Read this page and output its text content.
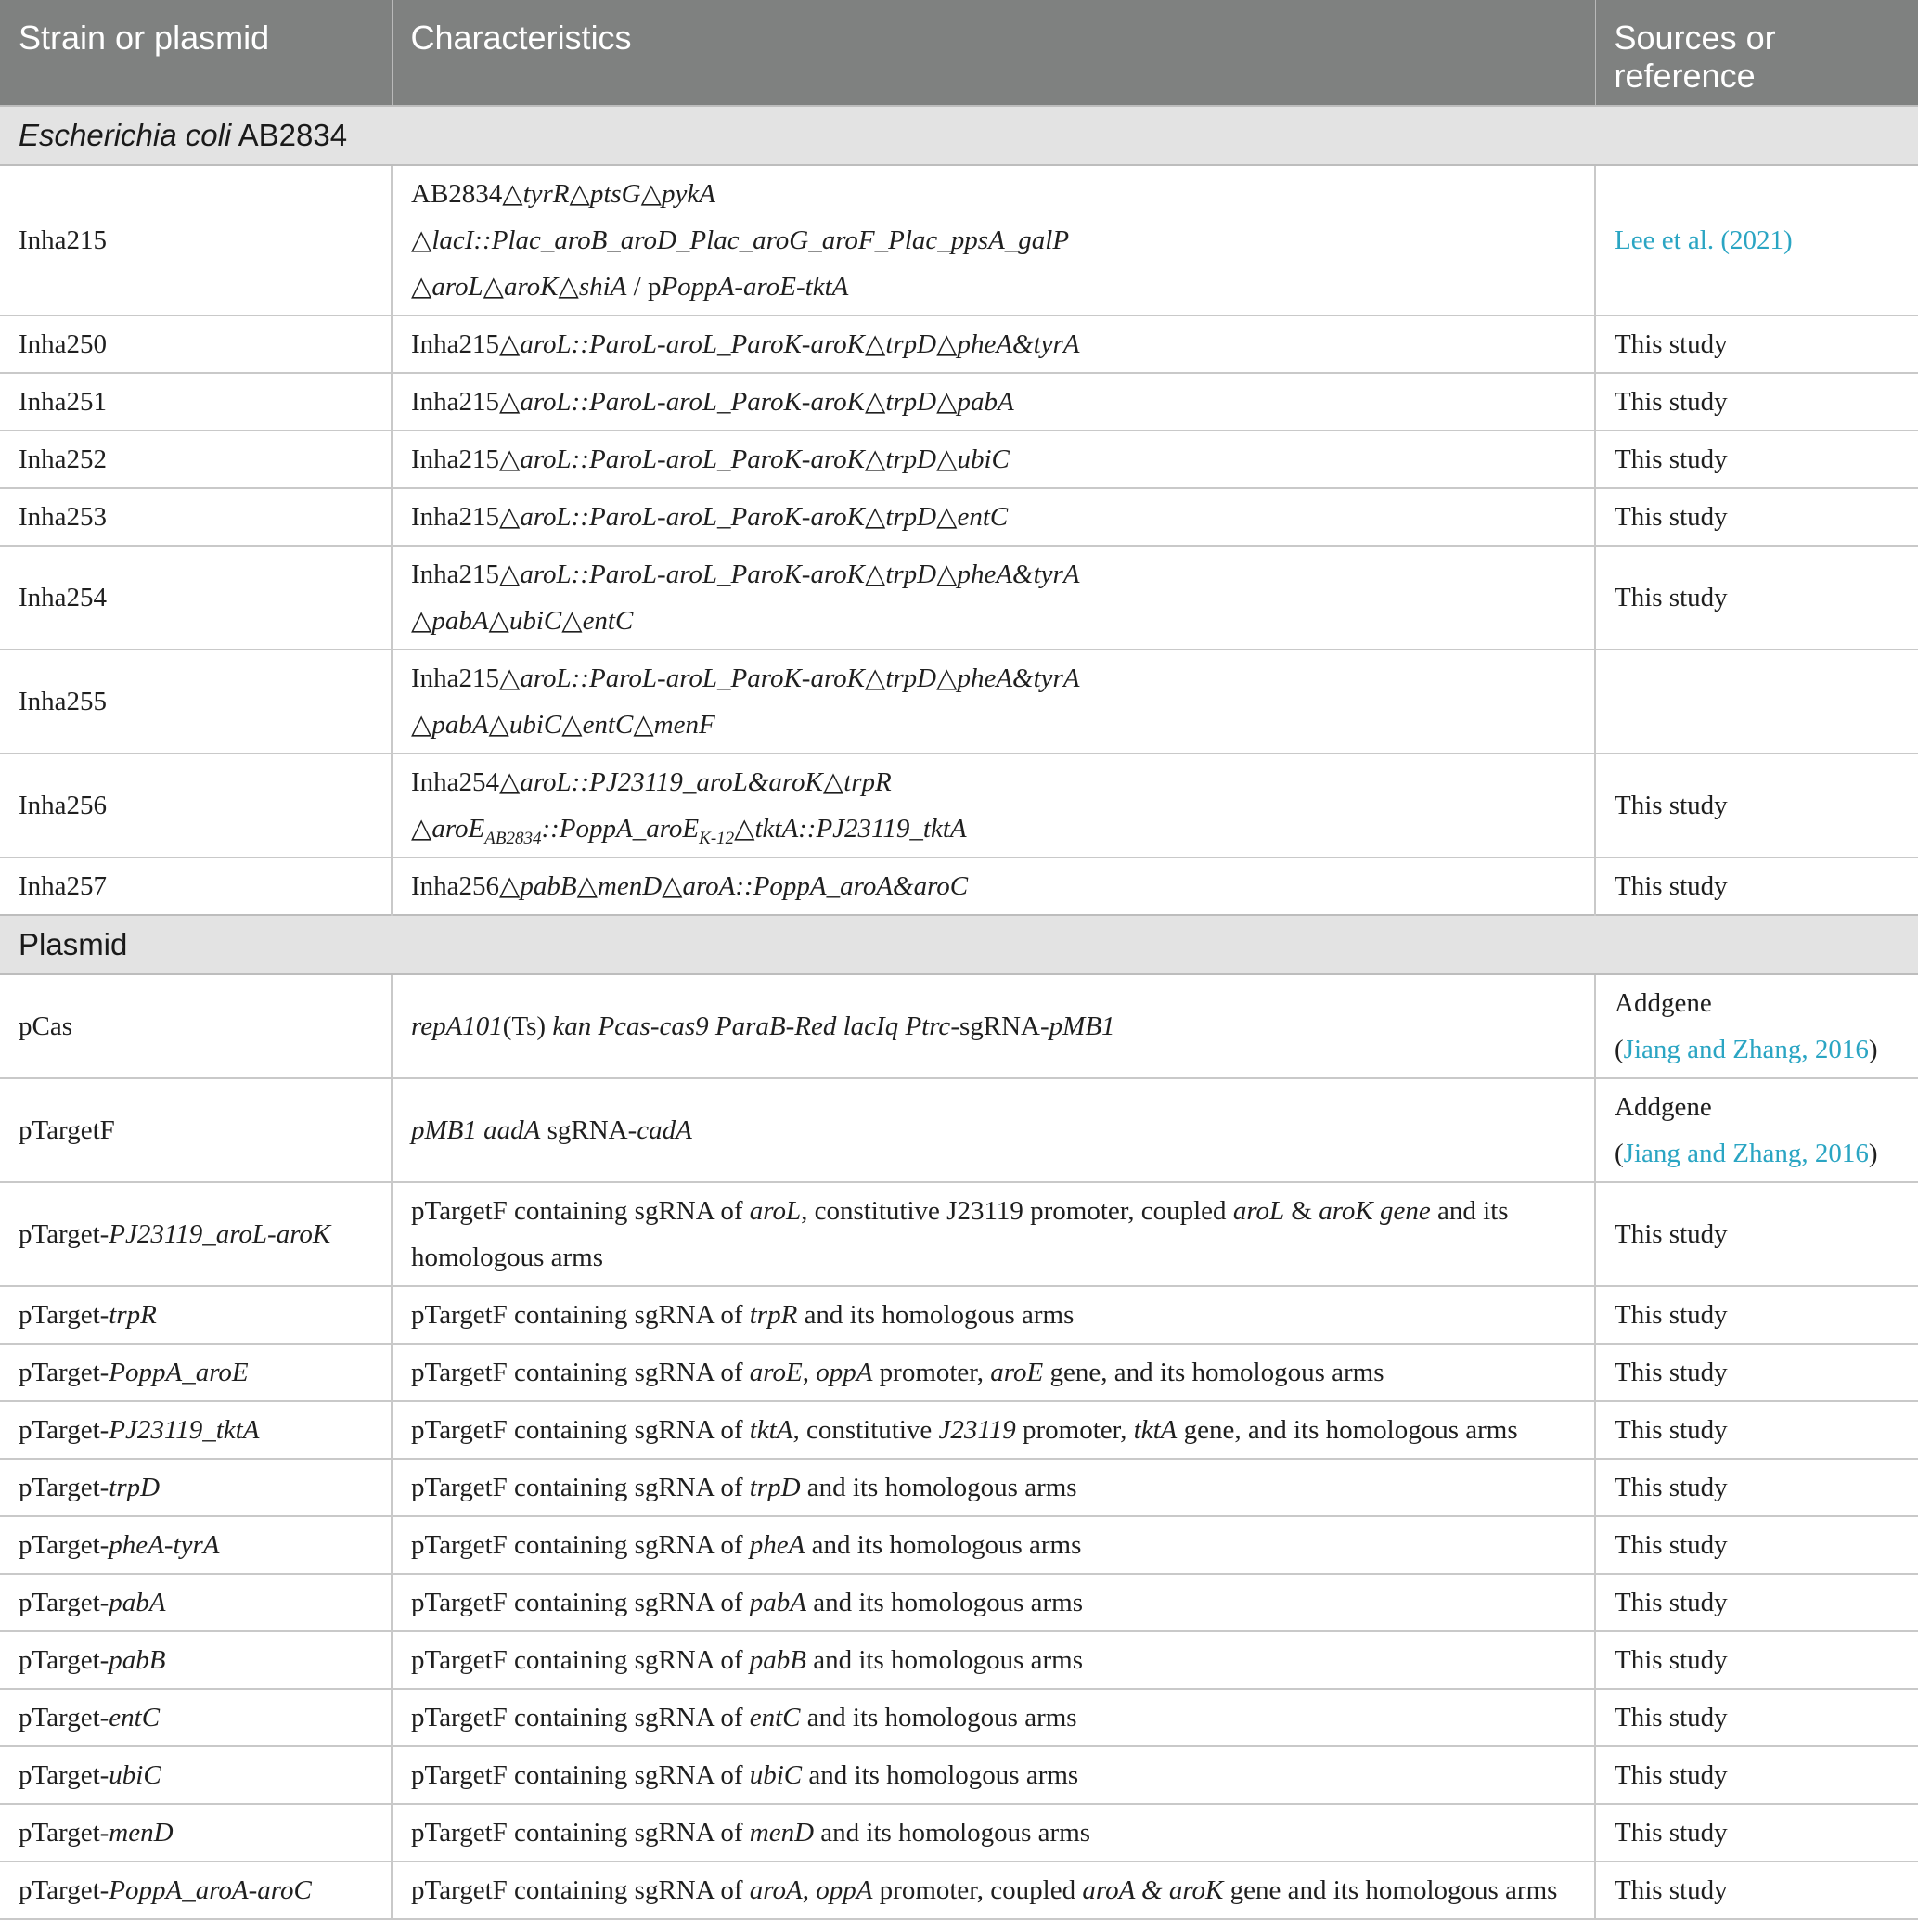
Strain or plasmid	Characteristics	Sources or reference
Escherichia coli AB2834		
Inha215	AB2834△tyrR△ptsG△pykA
△lacI::Plac_aroB_aroD_Plac_aroG_aroF_Plac_ppsA_galP
△aroL△aroK△shiA / pPoppA-aroE-tktA	Lee et al. (2021)
Inha250	Inha215△aroL::ParoL-aroL_ParoK-aroK△trpD△pheA&tyrA	This study
Inha251	Inha215△aroL::ParoL-aroL_ParoK-aroK△trpD△pabA	This study
Inha252	Inha215△aroL::ParoL-aroL_ParoK-aroK△trpD△ubiC	This study
Inha253	Inha215△aroL::ParoL-aroL_ParoK-aroK△trpD△entC	This study
Inha254	Inha215△aroL::ParoL-aroL_ParoK-aroK△trpD△pheA&tyrA
△pabA△ubiC△entC	This study
Inha255	Inha215△aroL::ParoL-aroL_ParoK-aroK△trpD△pheA&tyrA
△pabA△ubiC△entC△menF	
Inha256	Inha254△aroL::PJ23119_aroL&aroK△trpR
△aroE$_{AB2834}$::PoppA_aroE$_{K-12}$△tktA::PJ23119_tktA	This study
Inha257	Inha256△pabB△menD△aroA::PoppA_aroA&aroC	This study
Plasmid		
pCas	repA101(Ts) kan Pcas-cas9 ParaB-Red lacIq Ptrc-sgRNA-pMB1	Addgene
(Jiang and Zhang, 2016)
pTargetF	pMB1 aadA sgRNA-cadA	Addgene
(Jiang and Zhang, 2016)
pTarget-PJ23119_aroL-aroK	pTargetF containing sgRNA of aroL, constitutive J23119 promoter, coupled aroL & aroK gene and its
homologous arms	This study
pTarget-trpR	pTargetF containing sgRNA of trpR and its homologous arms	This study
pTarget-PoppA_aroE	pTargetF containing sgRNA of aroE, oppA promoter, aroE gene, and its homologous arms	This study
pTarget-PJ23119_tktA	pTargetF containing sgRNA of tktA, constitutive J23119 promoter, tktA gene, and its homologous arms	This study
pTarget-trpD	pTargetF containing sgRNA of trpD and its homologous arms	This study
pTarget-pheA-tyrA	pTargetF containing sgRNA of pheA and its homologous arms	This study
pTarget-pabA	pTargetF containing sgRNA of pabA and its homologous arms	This study
pTarget-pabB	pTargetF containing sgRNA of pabB and its homologous arms	This study
pTarget-entC	pTargetF containing sgRNA of entC and its homologous arms	This study
pTarget-ubiC	pTargetF containing sgRNA of ubiC and its homologous arms	This study
pTarget-menD	pTargetF containing sgRNA of menD and its homologous arms	This study
pTarget-PoppA_aroA-aroC	pTargetF containing sgRNA of aroA, oppA promoter, coupled aroA & aroK gene and its homologous arms	This study
